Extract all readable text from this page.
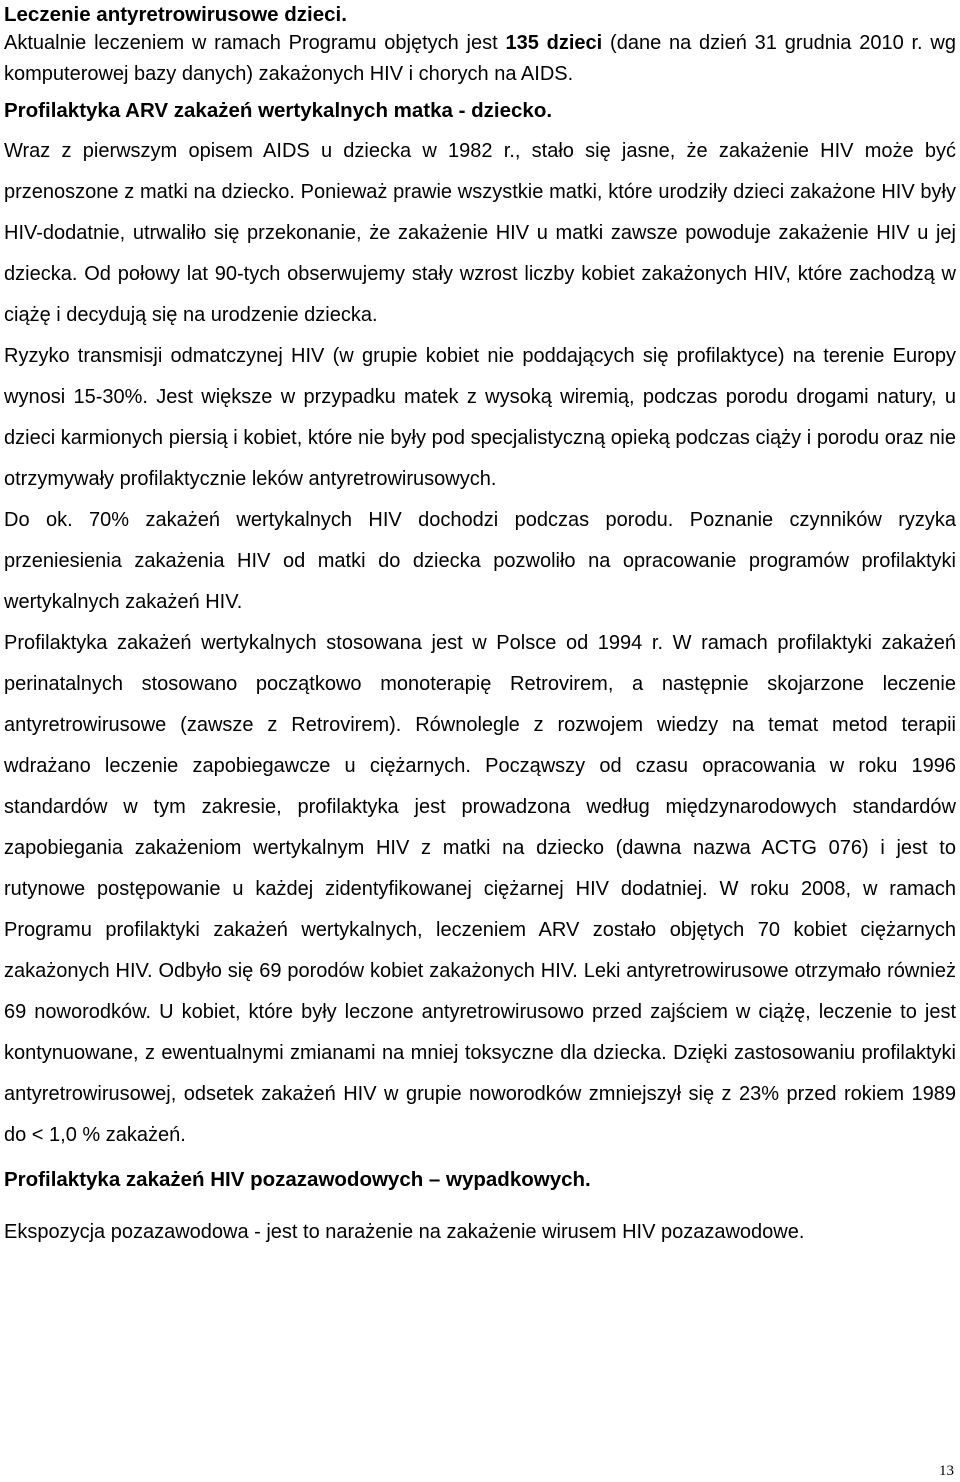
Leczenie antyretrowirusowe dzieci.

Aktualnie leczeniem w ramach Programu objętych jest 135 dzieci (dane na dzień 31 grudnia 2010 r. wg komputerowej bazy danych) zakażonych HIV i chorych na AIDS.

Profilaktyka ARV zakażeń wertykalnych matka - dziecko.

Wraz z pierwszym opisem AIDS u dziecka w 1982 r., stało się jasne, że zakażenie HIV może być przenoszone z matki na dziecko. Ponieważ prawie wszystkie matki, które urodziły dzieci zakażone HIV były HIV-dodatnie, utrwaliło się przekonanie, że zakażenie HIV u matki zawsze powoduje zakażenie HIV u jej dziecka. Od połowy lat 90-tych obserwujemy stały wzrost liczby kobiet zakażonych HIV, które zachodzą w ciążę i decydują się na urodzenie dziecka.

Ryzyko transmisji odmatczynej HIV (w grupie kobiet nie poddających się profilaktyce) na terenie Europy wynosi 15-30%. Jest większe w przypadku matek z wysoką wiremią, podczas porodu drogami natury, u dzieci karmionych piersią i kobiet, które nie były pod specjalistyczną opieką podczas ciąży i porodu oraz nie otrzymywały profilaktycznie leków antyretrowirusowych.

Do ok. 70% zakażeń wertykalnych HIV dochodzi podczas porodu. Poznanie czynników ryzyka przeniesienia zakażenia HIV od matki do dziecka pozwoliło na opracowanie programów profilaktyki wertykalnych zakażeń HIV.

Profilaktyka zakażeń wertykalnych stosowana jest w Polsce od 1994 r. W ramach profilaktyki zakażeń perinatalnych stosowano początkowo monoterapię Retrovirem, a następnie skojarzone leczenie antyretrowirusowe (zawsze z Retrovirem). Równolegle z rozwojem wiedzy na temat metod terapii wdrażano leczenie zapobiegawcze u ciężarnych. Począwszy od czasu opracowania w roku 1996 standardów w tym zakresie, profilaktyka jest prowadzona według międzynarodowych standardów zapobiegania zakażeniom wertykalnym HIV z matki na dziecko (dawna nazwa ACTG 076) i jest to rutynowe postępowanie u każdej zidentyfikowanej ciężarnej HIV dodatniej. W roku 2008, w ramach Programu profilaktyki zakażeń wertykalnych, leczeniem ARV zostało objętych 70 kobiet ciężarnych zakażonych HIV. Odbyło się 69 porodów kobiet zakażonych HIV. Leki antyretrowirusowe otrzymało również 69 noworodków. U kobiet, które były leczone antyretrowirusowo przed zajściem w ciążę, leczenie to jest kontynuowane, z ewentualnymi zmianami na mniej toksyczne dla dziecka. Dzięki zastosowaniu profilaktyki antyretrowirusowej, odsetek zakażeń HIV w grupie noworodków zmniejszył się z 23% przed rokiem 1989 do < 1,0 % zakażeń.

Profilaktyka zakażeń HIV pozazawodowych – wypadkowych.

Ekspozycja pozazawodowa - jest to narażenie na zakażenie wirusem HIV pozazawodowe.

13
